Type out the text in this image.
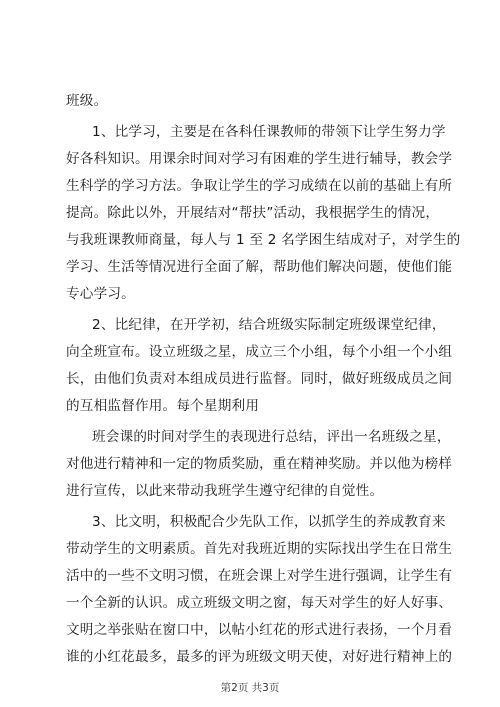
班级。
1、比学习，主要是在各科任课教师的带领下让学生努力学
好各科知识。用课余时间对学习有困难的学生进行辅导，教会学
生科学的学习方法。争取让学生的学习成绩在以前的基础上有所
提高。除此以外，开展结对“帮扶”活动，我根据学生的情况，
与我班课教师商量，每人与 1 至 2 名学困生结成对子，对学生的
学习、生活等情况进行全面了解，帮助他们解决问题，使他们能
专心学习。
2、比纪律，在开学初，结合班级实际制定班级课堂纪律，
向全班宣布。设立班级之星，成立三个小组，每个小组一个小组
长，由他们负责对本组成员进行监督。同时，做好班级成员之间
的互相监督作用。每个星期利用
班会课的时间对学生的表现进行总结，评出一名班级之星，
对他进行精神和一定的物质奖励，重在精神奖励。并以他为榜样
进行宣传，以此来带动我班学生遵守纪律的自觉性。
3、比文明，积极配合少先队工作，以抓学生的养成教育来
带动学生的文明素质。首先对我班近期的实际找出学生在日常生
活中的一些不文明习惯，在班会课上对学生进行强调，让学生有
一个全新的认识。成立班级文明之窗，每天对学生的好人好事、
文明之举张贴在窗口中，以帖小红花的形式进行表扬，一个月看
谁的小红花最多，最多的评为班级文明天使，对好进行精神上的
第2页 共3页
